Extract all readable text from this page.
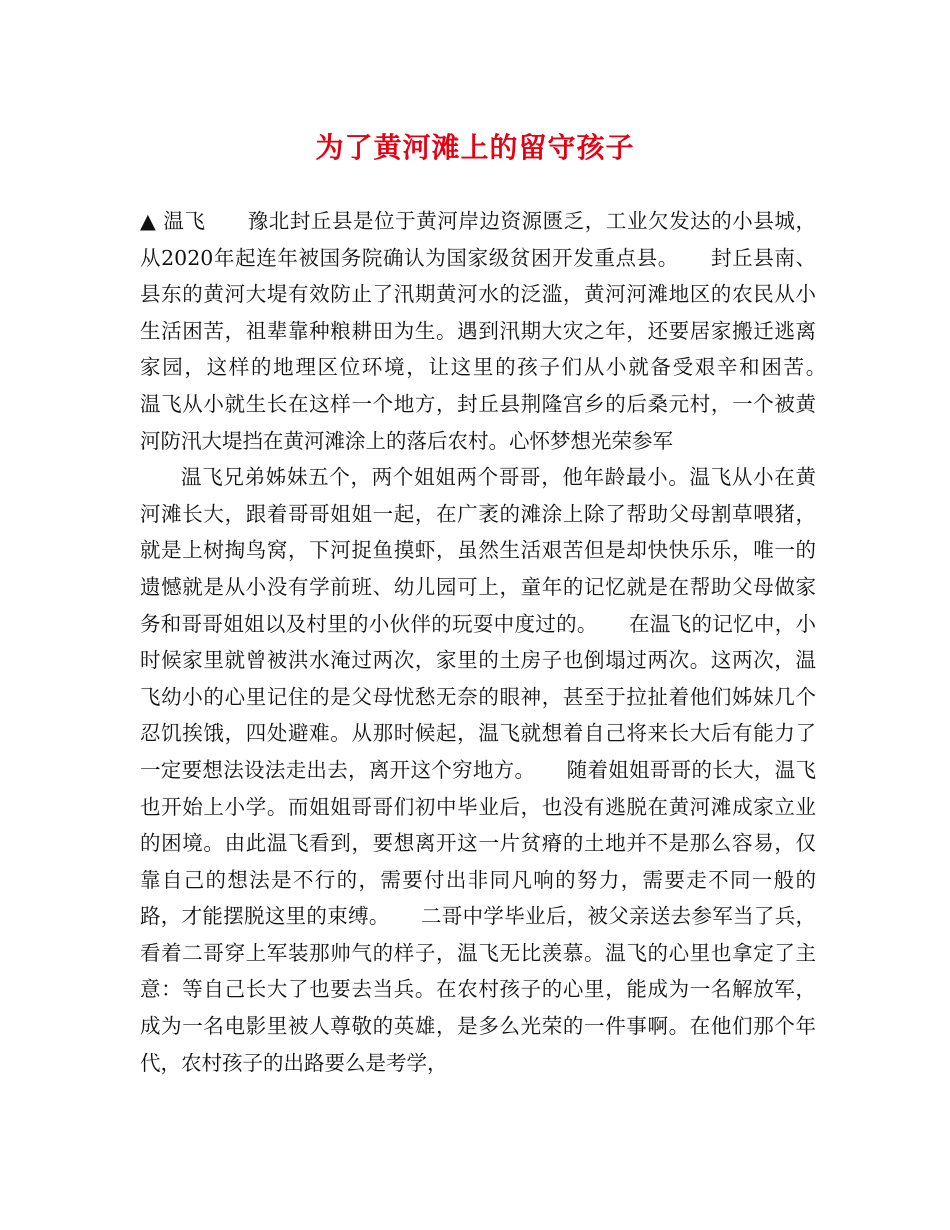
为了黄河滩上的留守孩子

▲ 温飞　　豫北封丘县是位于黄河岸边资源匮乏，工业欠发达的小县城，从2020年起连年被国务院确认为国家级贫困开发重点县。　　封丘县南、县东的黄河大堤有效防止了汛期黄河水的泛滥，黄河河滩地区的农民从小生活困苦，祖辈靠种粮耕田为生。遇到汛期大灾之年，还要居家搬迁逃离家园，这样的地理区位环境，让这里的孩子们从小就备受艰辛和困苦。　　温飞从小就生长在这样一个地方，封丘县荆隆宫乡的后桑元村，一个被黄河防汛大堤挡在黄河滩涂上的落后农村。心怀梦想光荣参军

温飞兄弟姊妹五个，两个姐姐两个哥哥，他年龄最小。温飞从小在黄河滩长大，跟着哥哥姐姐一起，在广袤的滩涂上除了帮助父母割草喂猪，就是上树掏鸟窝，下河捉鱼摸虾，虽然生活艰苦但是却快快乐乐，唯一的遗憾就是从小没有学前班、幼儿园可上，童年的记忆就是在帮助父母做家务和哥哥姐姐以及村里的小伙伴的玩耍中度过的。　　在温飞的记忆中，小时候家里就曾被洪水淹过两次，家里的土房子也倒塌过两次。这两次，温飞幼小的心里记住的是父母忧愁无奈的眼神，甚至于拉扯着他们姊妹几个忍饥挨饿，四处避难。从那时候起，温飞就想着自己将来长大后有能力了一定要想法设法走出去，离开这个穷地方。　　随着姐姐哥哥的长大，温飞也开始上小学。而姐姐哥哥们初中毕业后，也没有逃脱在黄河滩成家立业的困境。由此温飞看到，要想离开这一片贫瘠的土地并不是那么容易，仅靠自己的想法是不行的，需要付出非同凡响的努力，需要走不同一般的路，才能摆脱这里的束缚。　　二哥中学毕业后，被父亲送去参军当了兵，看着二哥穿上军装那帅气的样子，温飞无比羡慕。温飞的心里也拿定了主意：等自己长大了也要去当兵。在农村孩子的心里，能成为一名解放军，成为一名电影里被人尊敬的英雄，是多么光荣的一件事啊。在他们那个年代，农村孩子的出路要么是考学，
